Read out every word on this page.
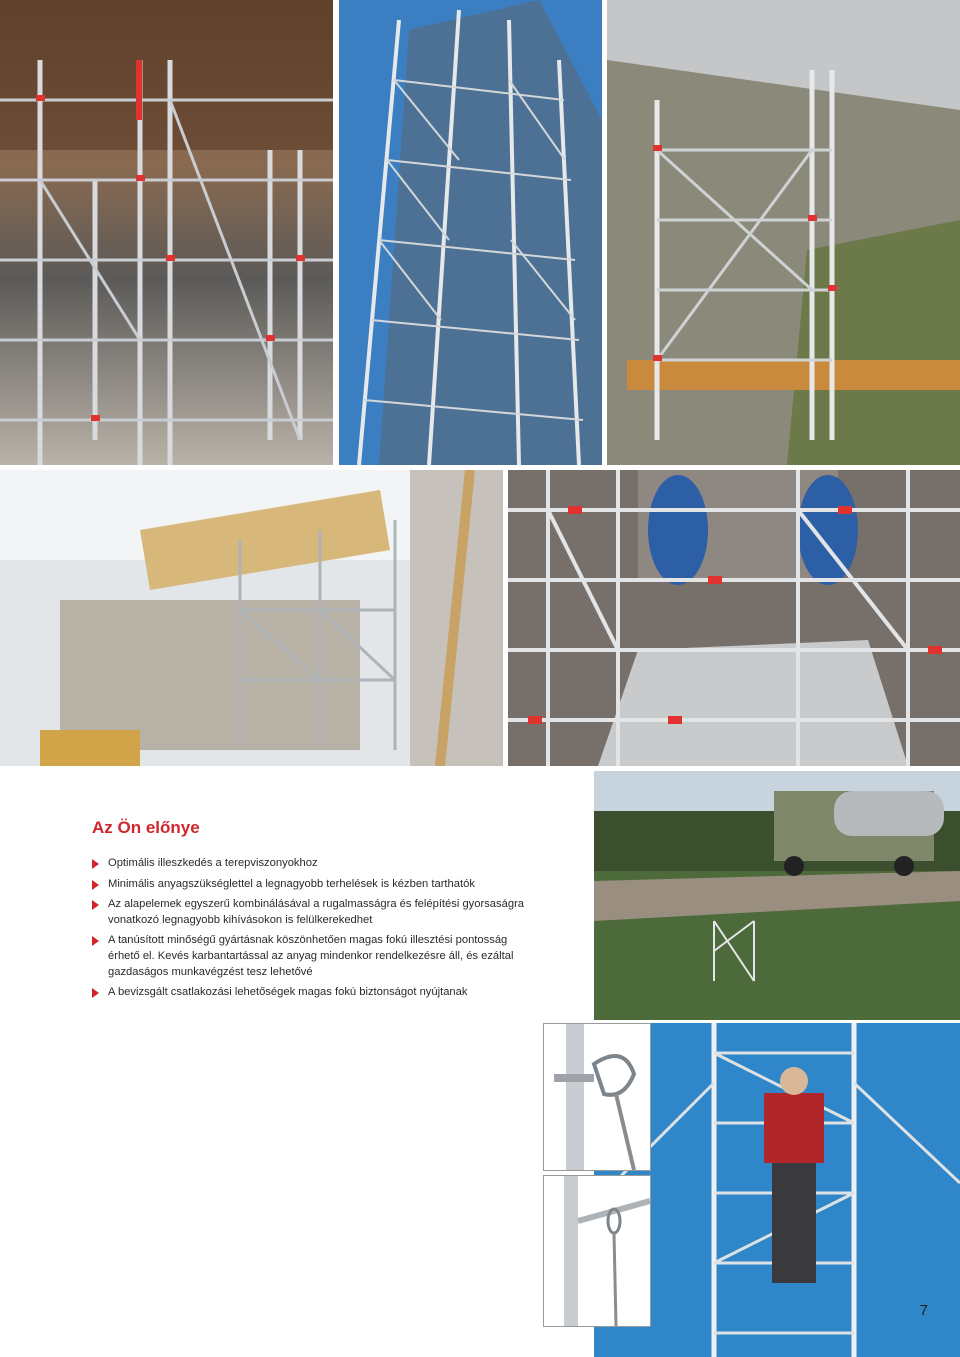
Az Ön előnye
Optimális illeszkedés a terepviszonyokhoz
Minimális anyagszükséglettel a legnagyobb terhelések is kézben tarthatók
Az alapelemek egyszerű kombinálásával a rugalmasságra és felépítési gyorsaságra vonatkozó legnagyobb kihívásokon is felülkerekedhet
A tanúsított minőségű gyártásnak köszönhetően magas fokú illesztési pontosság érhető el. Kevés karbantartással az anyag mindenkor rendelkezésre áll, és ezáltal gazdaságos munkavégzést tesz lehetővé
A bevizsgált csatlakozási lehetőségek magas fokú biztonságot nyújtanak
7
